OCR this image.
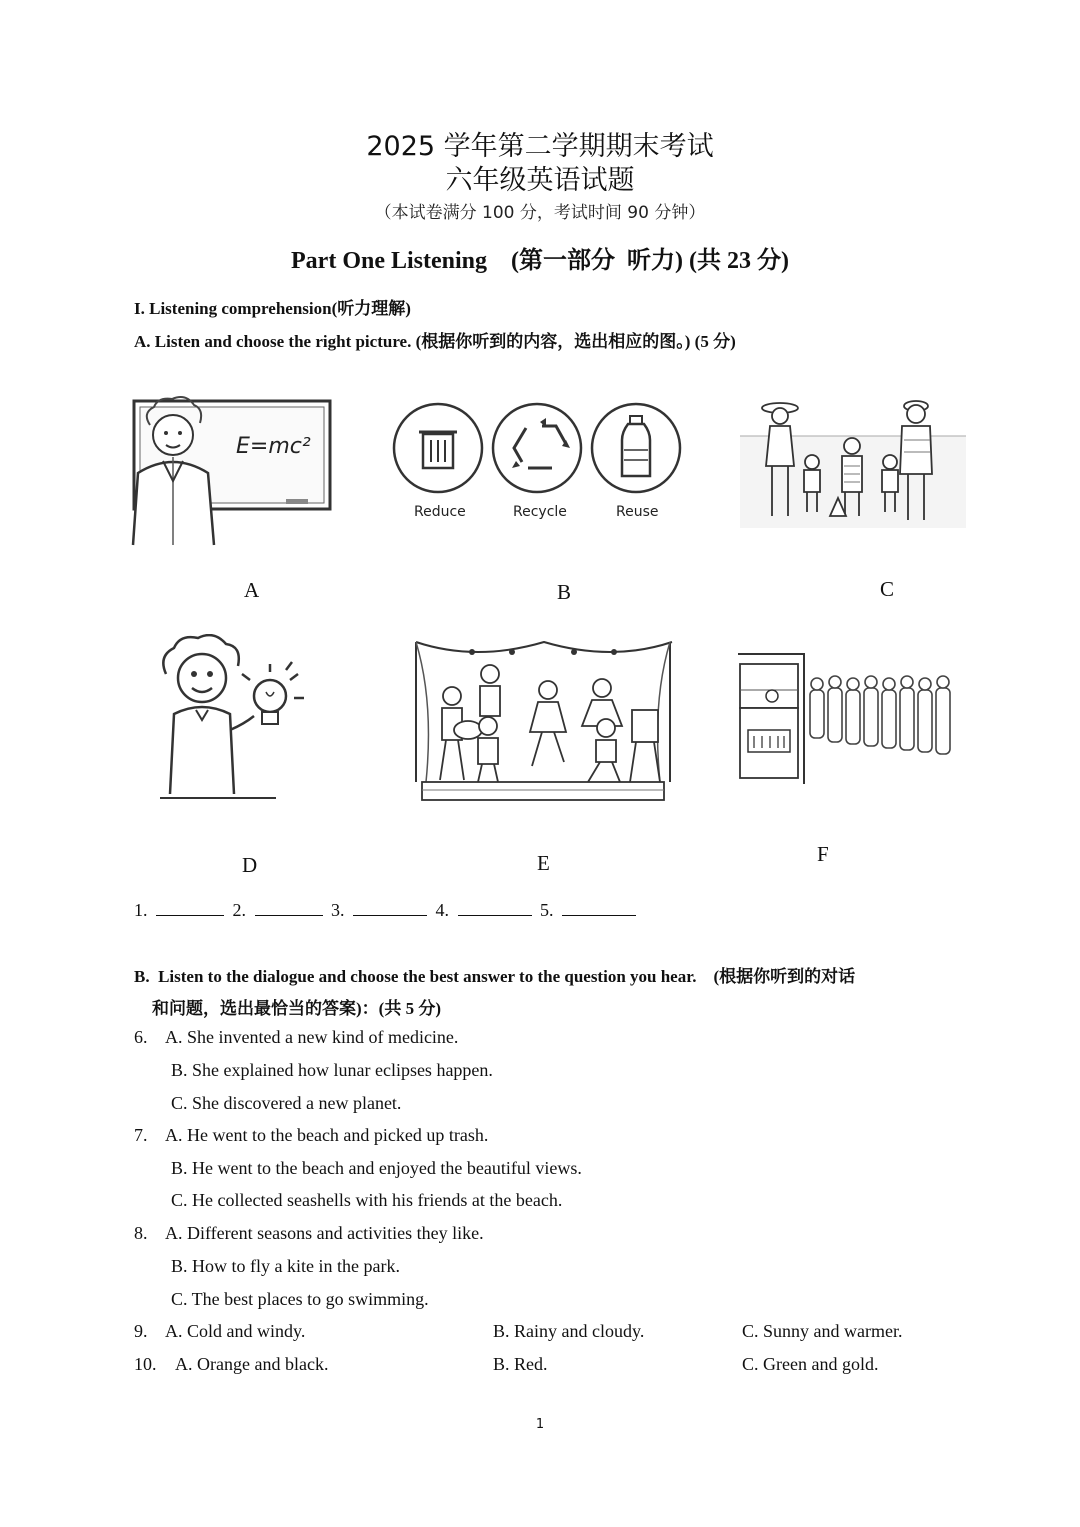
2025 学年第二学期期末考试
六年级英语试题
（本试卷满分 100 分，考试时间 90 分钟）
Part One Listening    (第一部分  听力) (共 23 分)
I. Listening comprehension(听力理解)
A. Listen and choose the right picture. (根据你听到的内容，选出相应的图。) (5 分)
E=mc²
A
Reduce	Recycle	Reuse
B	C
D	E	F
1.	2.	3.	4.	5.
B.  Listen to the dialogue and choose the best answer to the question you hear.    (根据你听到的对话
和问题，选出最恰当的答案)：(共 5 分)
6. A. She invented a new kind of medicine.
B. She explained how lunar eclipses happen.
C. She discovered a new planet.
7. A. He went to the beach and picked up trash.
B. He went to the beach and enjoyed the beautiful views.
C. He collected seashells with his friends at the beach.
8. A. Different seasons and activities they like.
B. How to fly a kite in the park.
C. The best places to go swimming.
9. A. Cold and windy.	B. Rainy and cloudy.	C. Sunny and warmer.
10. A. Orange and black.	B. Red.	C. Green and gold.
1
